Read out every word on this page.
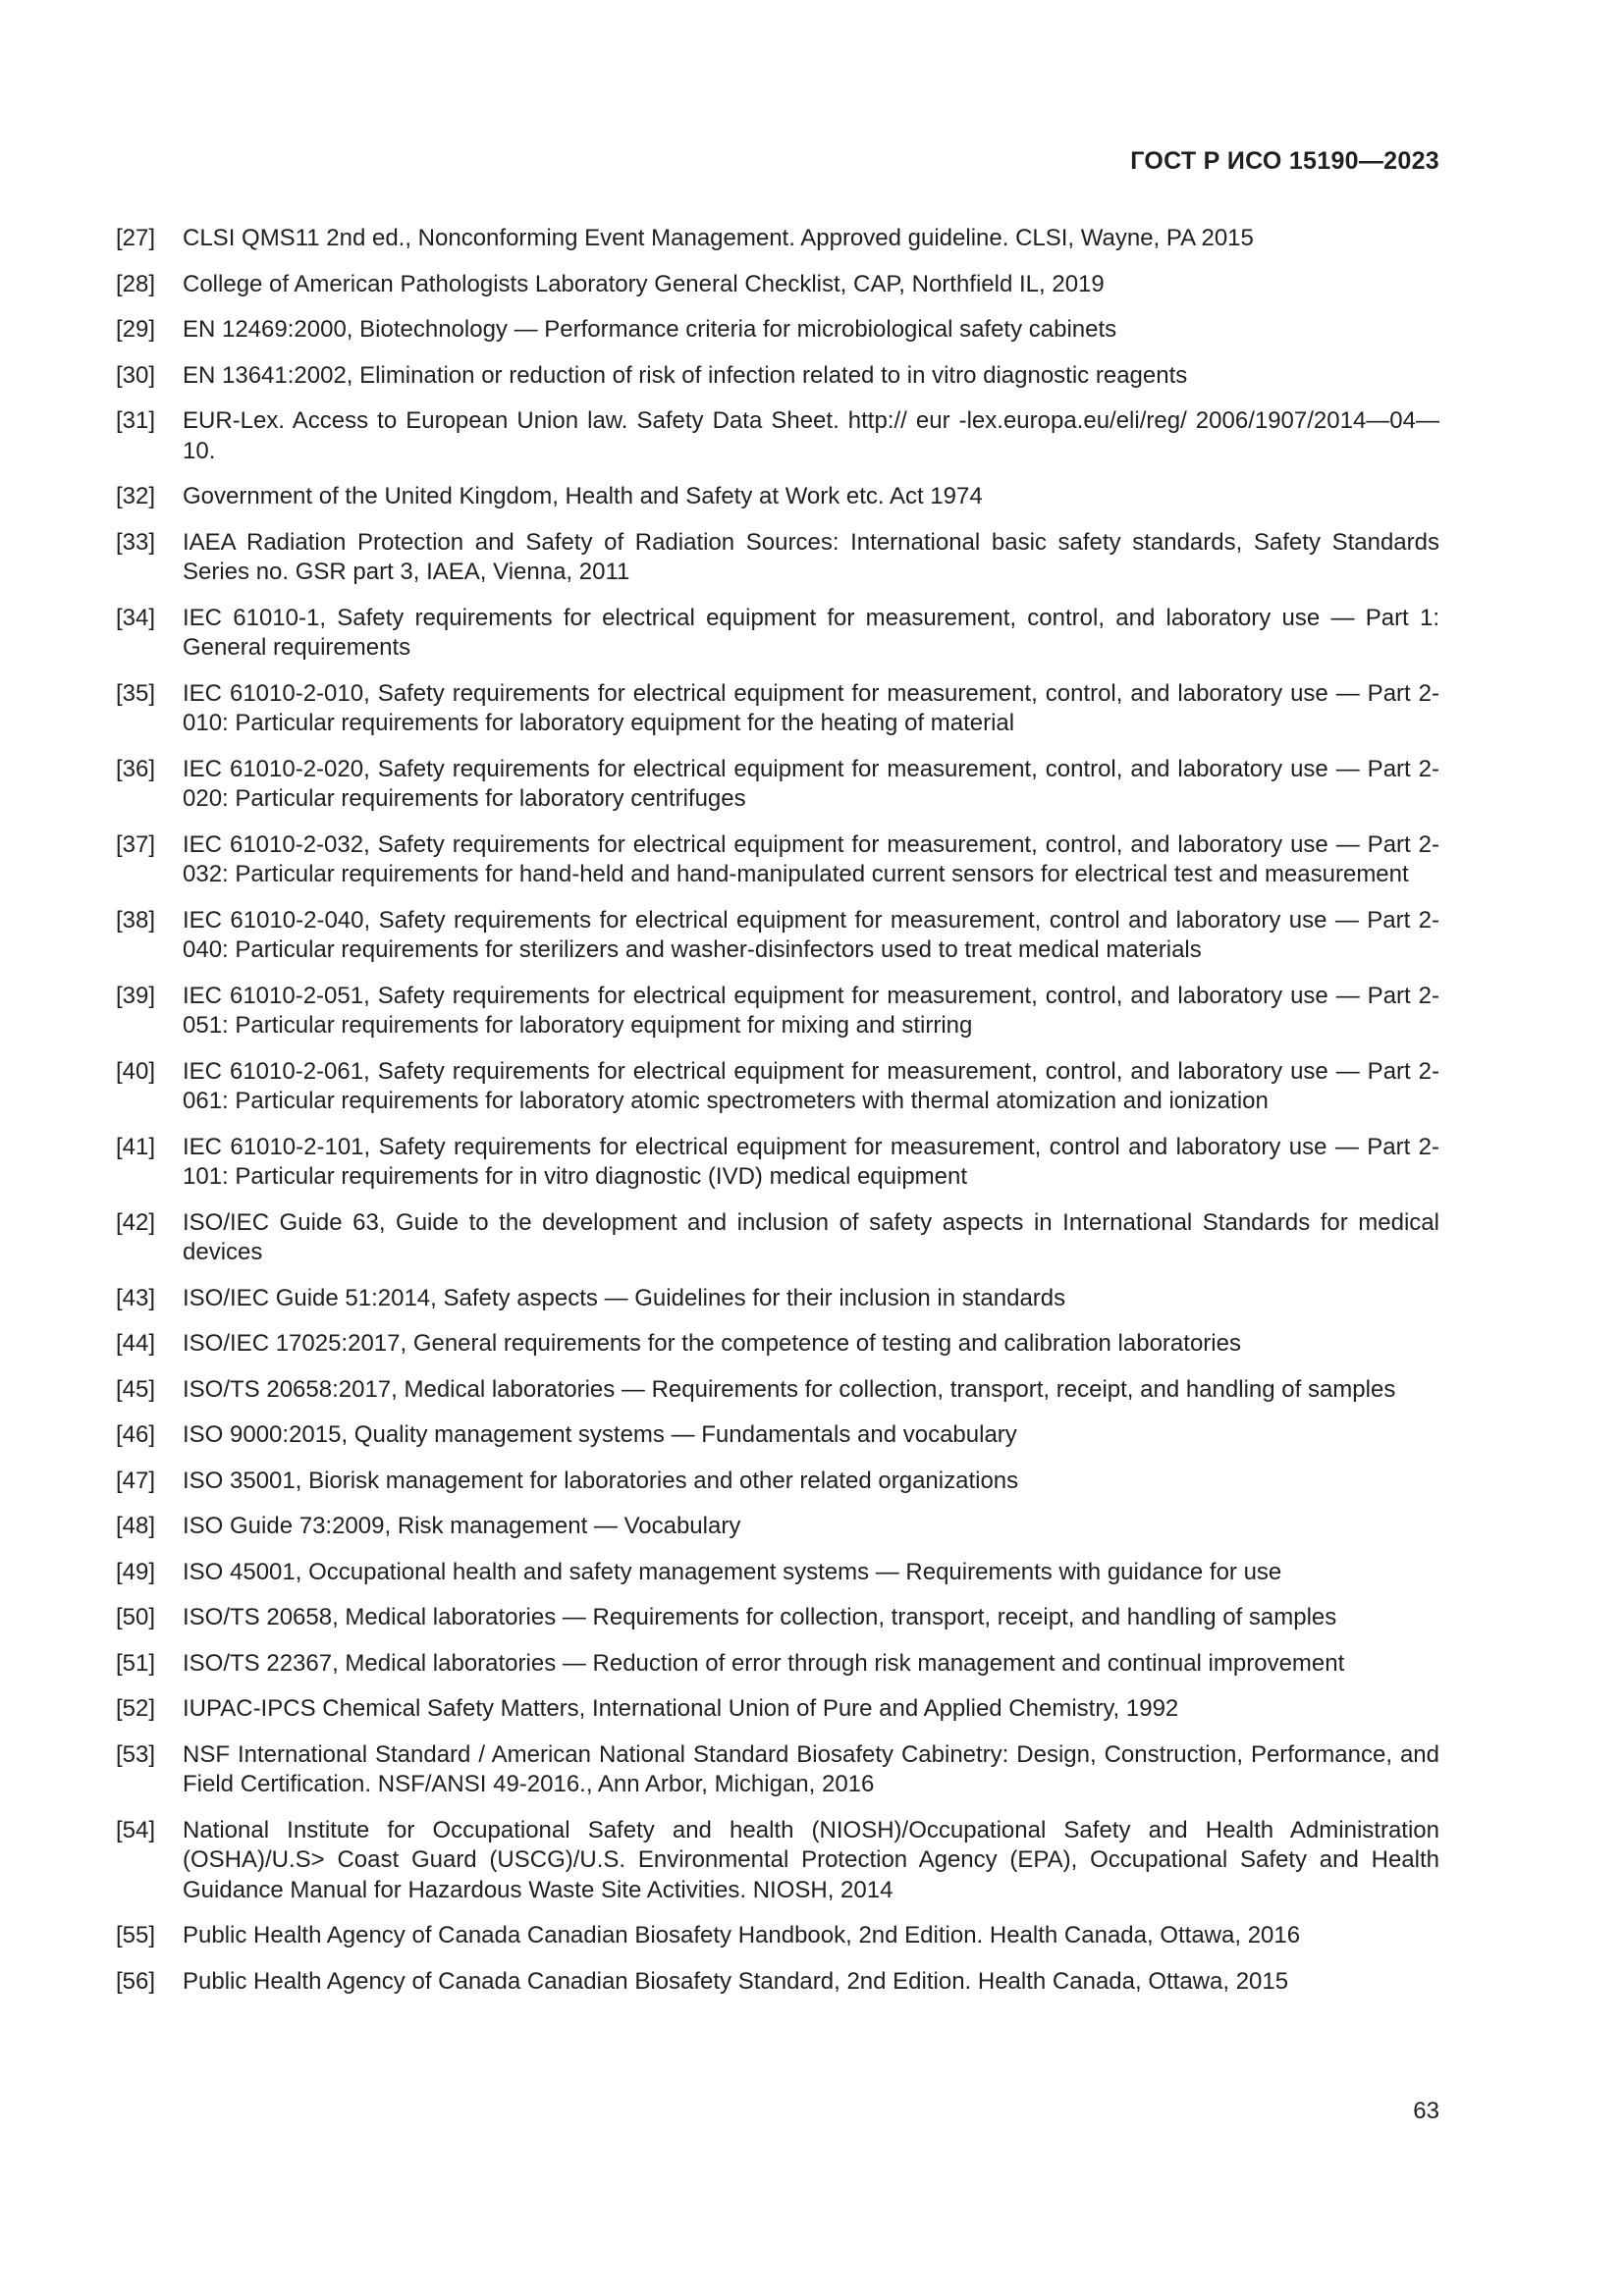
ГОСТ Р ИСО 15190—2023
[27]	CLSI QMS11 2nd ed., Nonconforming Event Management. Approved guideline. CLSI, Wayne, PA 2015
[28]	College of American Pathologists Laboratory General Checklist, CAP, Northfield IL, 2019
[29]	EN 12469:2000, Biotechnology — Performance criteria for microbiological safety cabinets
[30]	EN 13641:2002, Elimination or reduction of risk of infection related to in vitro diagnostic reagents
[31]	EUR-Lex. Access to European Union law. Safety Data Sheet. http:// eur -lex.europa.eu/eli/reg/ 2006/1907/2014—04—10.
[32]	Government of the United Kingdom, Health and Safety at Work etc. Act 1974
[33]	IAEA Radiation Protection and Safety of Radiation Sources: International basic safety standards, Safety Standards Series no. GSR part 3, IAEA, Vienna, 2011
[34]	IEC 61010-1, Safety requirements for electrical equipment for measurement, control, and laboratory use — Part 1: General requirements
[35]	IEC 61010-2-010, Safety requirements for electrical equipment for measurement, control, and laboratory use — Part 2-010: Particular requirements for laboratory equipment for the heating of material
[36]	IEC 61010-2-020, Safety requirements for electrical equipment for measurement, control, and laboratory use — Part 2-020: Particular requirements for laboratory centrifuges
[37]	IEC 61010-2-032, Safety requirements for electrical equipment for measurement, control, and laboratory use — Part 2-032: Particular requirements for hand-held and hand-manipulated current sensors for electrical test and measurement
[38]	IEC 61010-2-040, Safety requirements for electrical equipment for measurement, control and laboratory use — Part 2-040: Particular requirements for sterilizers and washer-disinfectors used to treat medical materials
[39]	IEC 61010-2-051, Safety requirements for electrical equipment for measurement, control, and laboratory use — Part 2-051: Particular requirements for laboratory equipment for mixing and stirring
[40]	IEC 61010-2-061, Safety requirements for electrical equipment for measurement, control, and laboratory use — Part 2-061: Particular requirements for laboratory atomic spectrometers with thermal atomization and ionization
[41]	IEC 61010-2-101, Safety requirements for electrical equipment for measurement, control and laboratory use — Part 2-101: Particular requirements for in vitro diagnostic (IVD) medical equipment
[42]	ISO/IEC Guide 63, Guide to the development and inclusion of safety aspects in International Standards for medical devices
[43]	ISO/IEC Guide 51:2014, Safety aspects — Guidelines for their inclusion in standards
[44]	ISO/IEC 17025:2017, General requirements for the competence of testing and calibration laboratories
[45]	ISO/TS 20658:2017, Medical laboratories — Requirements for collection, transport, receipt, and handling of samples
[46]	ISO 9000:2015, Quality management systems — Fundamentals and vocabulary
[47]	ISO 35001, Biorisk management for laboratories and other related organizations
[48]	ISO Guide 73:2009, Risk management — Vocabulary
[49]	ISO 45001, Occupational health and safety management systems — Requirements with guidance for use
[50]	ISO/TS 20658, Medical laboratories — Requirements for collection, transport, receipt, and handling of samples
[51]	ISO/TS 22367, Medical laboratories — Reduction of error through risk management and continual improvement
[52]	IUPAC-IPCS Chemical Safety Matters, International Union of Pure and Applied Chemistry, 1992
[53]	NSF International Standard / American National Standard Biosafety Cabinetry: Design, Construction, Performance, and Field Certification. NSF/ANSI 49-2016., Ann Arbor, Michigan, 2016
[54]	National Institute for Occupational Safety and health (NIOSH)/Occupational Safety and Health Administration (OSHA)/U.S> Coast Guard (USCG)/U.S. Environmental Protection Agency (EPA), Occupational Safety and Health Guidance Manual for Hazardous Waste Site Activities. NIOSH, 2014
[55]	Public Health Agency of Canada Canadian Biosafety Handbook, 2nd Edition. Health Canada, Ottawa, 2016
[56]	Public Health Agency of Canada Canadian Biosafety Standard, 2nd Edition. Health Canada, Ottawa, 2015
63
